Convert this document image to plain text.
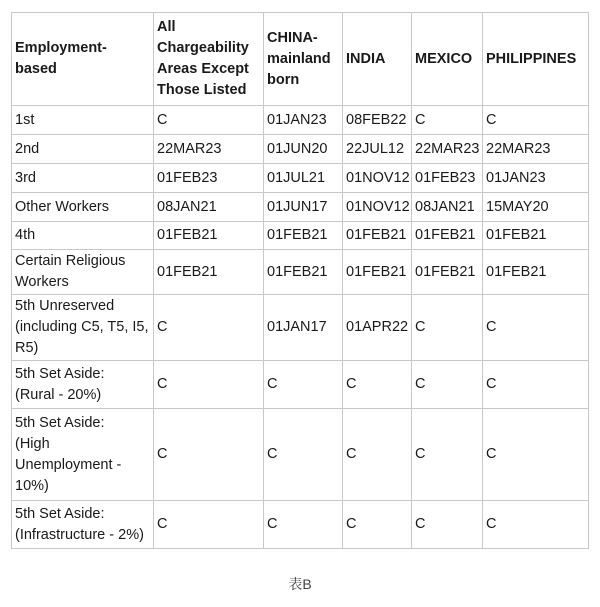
Employment-
based	All
Chargeability
Areas Except
Those Listed	CHINA-
mainland
born	INDIA	MEXICO	PHILIPPINES
1st	C	01JAN23	08FEB22	C	C
2nd	22MAR23	01JUN20	22JUL12	22MAR23	22MAR23
3rd	01FEB23	01JUL21	01NOV12	01FEB23	01JAN23
Other Workers	08JAN21	01JUN17	01NOV12	08JAN21	15MAY20
4th	01FEB21	01FEB21	01FEB21	01FEB21	01FEB21
Certain Religious
Workers	01FEB21	01FEB21	01FEB21	01FEB21	01FEB21
5th Unreserved
(including C5, T5, I5,
R5)	C	01JAN17	01APR22	C	C
5th Set Aside:
(Rural - 20%)	C	C	C	C	C
5th Set Aside:
(High
Unemployment -
10%)	C	C	C	C	C
5th Set Aside:
(Infrastructure - 2%)	C	C	C	C	C
表B
